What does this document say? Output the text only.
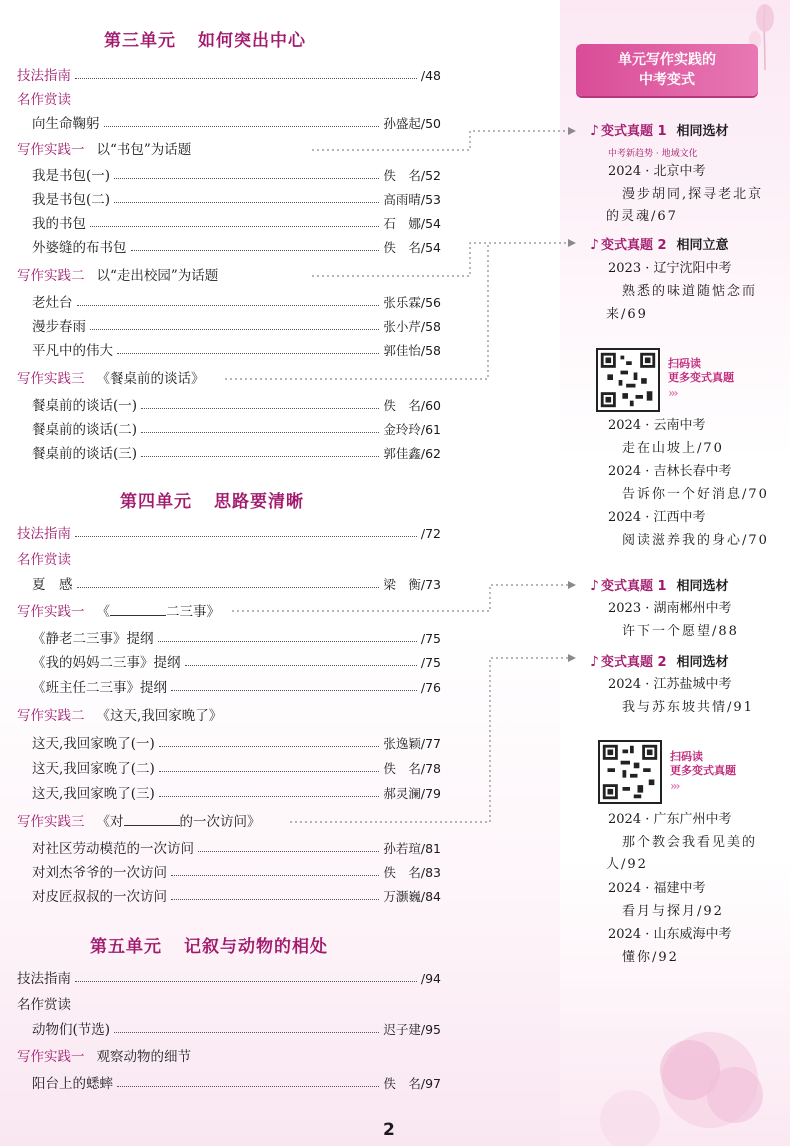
第三单元 如何突出中心
技法指南	/48
名作赏读
向生命鞠躬	孙盛起 /50
写作实践一 以“书包”为话题
我是书包(一)	佚　名 /52
我是书包(二)	高雨晴 /53
我的书包	石　娜 /54
外婆缝的布书包	佚　名 /54
写作实践二 以“走出校园”为话题
老灶台	张乐霖 /56
漫步春雨	张小芹 /58
平凡中的伟大	郭佳怡 /58
写作实践三 《餐桌前的谈话》
餐桌前的谈话(一)	佚　名 /60
餐桌前的谈话(二)	金玲玲 /61
餐桌前的谈话(三)	郭佳鑫 /62
第四单元 思路要清晰
技法指南	/72
名作赏读
夏　感	梁　衡 /73
写作实践一 《	二三事》
《静老二三事》提纲	/75
《我的妈妈二三事》提纲	/75
《班主任二三事》提纲	/76
写作实践二 《这天,我回家晚了》
这天,我回家晚了(一)	张逸颖 /77
这天,我回家晚了(二)	佚　名 /78
这天,我回家晚了(三)	郝灵澜 /79
写作实践三 《对	的一次访问》
对社区劳动模范的一次访问	孙若瑄 /81
对刘杰爷爷的一次访问	佚　名 /83
对皮匠叔叔的一次访问	万灏巍 /84
第五单元 记叙与动物的相处
技法指南	/94
名作赏读
动物们(节选)	迟子建 /95
写作实践一 观察动物的细节
阳台上的蟋蟀	佚　名 /97
单元写作实践的
中考变式
♪ 变式真题 1 相同选材
中考新趋势 · 地域文化
2024 · 北京中考
漫步胡同,探寻老北京
的灵魂/67
♪ 变式真题 2 相同立意
2023 · 辽宁沈阳中考
熟悉的味道随惦念而
来/69
扫码读
更多变式真题
›››
2024 · 云南中考
走在山坡上/70
2024 · 吉林长春中考
告诉你一个好消息/70
2024 · 江西中考
阅读滋养我的身心/70
♪ 变式真题 1 相同选材
2023 · 湖南郴州中考
许下一个愿望/88
♪ 变式真题 2 相同选材
2024 · 江苏盐城中考
我与苏东坡共情/91
扫码读
更多变式真题
›››
2024 · 广东广州中考
那个教会我看见美的
人/92
2024 · 福建中考
看月与探月/92
2024 · 山东威海中考
懂你/92
2
